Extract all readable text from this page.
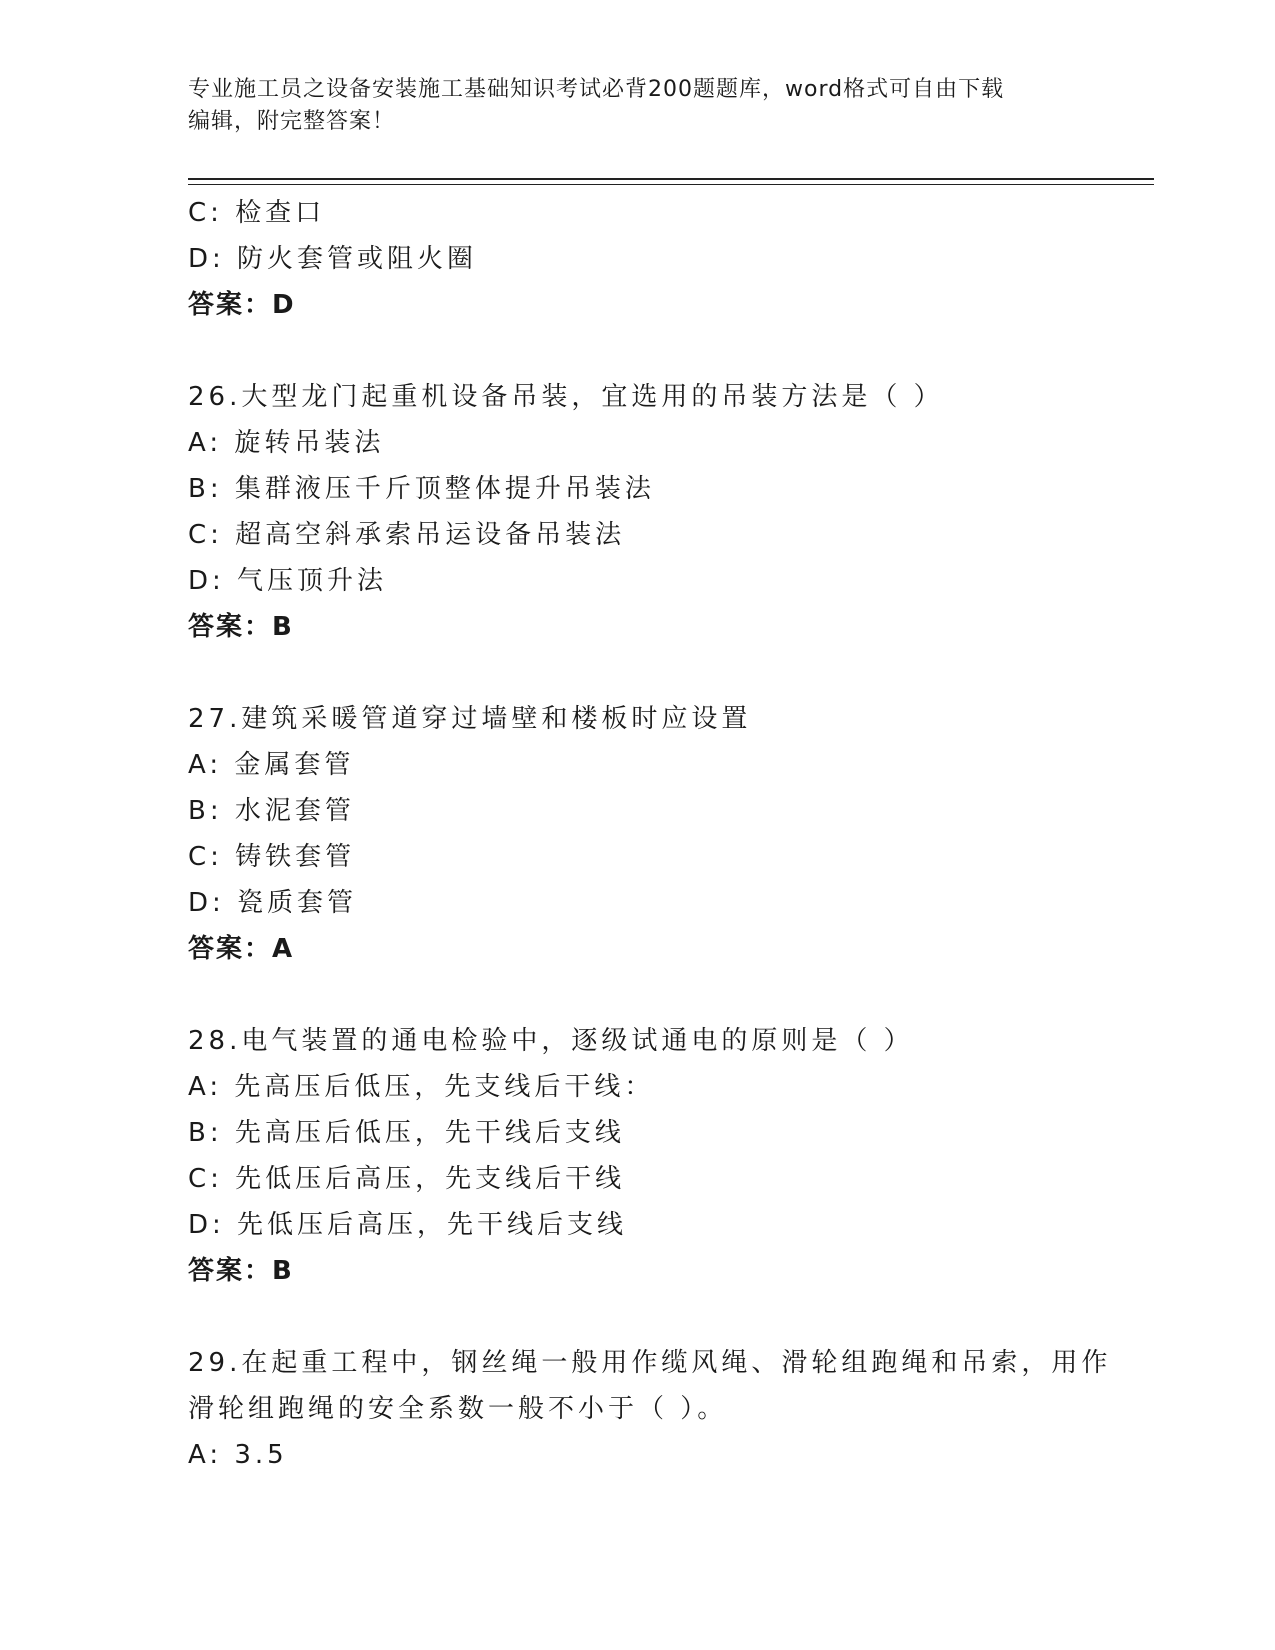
专业施工员之设备安装施工基础知识考试必背200题题库，word格式可自由下载
编辑，附完整答案！
C: 检查口
D: 防火套管或阻火圈
答案：D
26.大型龙门起重机设备吊装，宜选用的吊装方法是（ ）
A: 旋转吊装法
B: 集群液压千斤顶整体提升吊装法
C: 超高空斜承索吊运设备吊装法
D: 气压顶升法
答案：B
27.建筑采暖管道穿过墙壁和楼板时应设置
A: 金属套管
B: 水泥套管
C: 铸铁套管
D: 瓷质套管
答案：A
28.电气装置的通电检验中，逐级试通电的原则是（ ）
A: 先高压后低压，先支线后干线：
B: 先高压后低压，先干线后支线
C: 先低压后高压，先支线后干线
D: 先低压后高压，先干线后支线
答案：B
29.在起重工程中，钢丝绳一般用作缆风绳、滑轮组跑绳和吊索，用作
滑轮组跑绳的安全系数一般不小于（ ）。
A: 3.5
